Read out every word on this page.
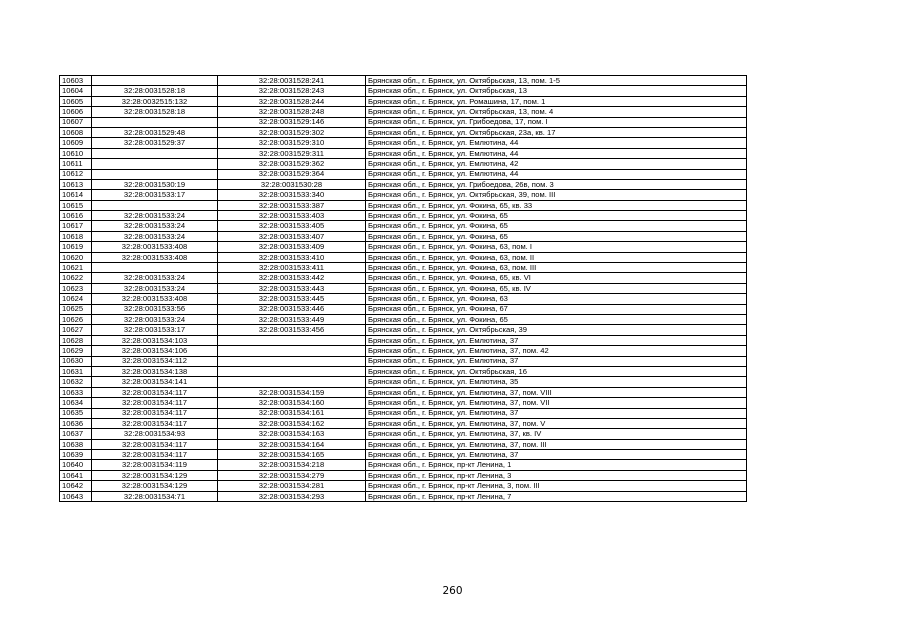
10603		32:28:0031528:241	Брянская обл., г. Брянск, ул. Октябрьская, 13, пом. 1-5
10604	32:28:0031528:18	32:28:0031528:243	Брянская обл., г. Брянск, ул. Октябрьская, 13
10605	32:28:0032515:132	32:28:0031528:244	Брянская обл., г. Брянск, ул. Ромашина, 17, пом. 1
10606	32:28:0031528:18	32:28:0031528:248	Брянская обл., г. Брянск, ул. Октябрьская, 13, пом. 4
10607		32:28:0031529:146	Брянская обл., г. Брянск, ул. Грибоедова, 17, пом. I
10608	32:28:0031529:48	32:28:0031529:302	Брянская обл., г. Брянск, ул. Октябрьская, 23а, кв. 17
10609	32:28:0031529:37	32:28:0031529:310	Брянская обл., г. Брянск, ул. Емлютина, 44
10610		32:28:0031529:311	Брянская обл., г. Брянск, ул. Емлютина, 44
10611		32:28:0031529:362	Брянская обл., г. Брянск, ул. Емлютина, 42
10612		32:28:0031529:364	Брянская обл., г. Брянск, ул. Емлютина, 44
10613	32:28:0031530:19	32:28:0031530:28	Брянская обл., г. Брянск, ул. Грибоедова, 26в, пом. 3
10614	32:28:0031533:17	32:28:0031533:340	Брянская обл., г. Брянск, ул. Октябрьская, 39, пом. III
10615		32:28:0031533:387	Брянская обл., г. Брянск, ул. Фокина, 65, кв. 33
10616	32:28:0031533:24	32:28:0031533:403	Брянская обл., г. Брянск, ул. Фокина, 65
10617	32:28:0031533:24	32:28:0031533:405	Брянская обл., г. Брянск, ул. Фокина, 65
10618	32:28:0031533:24	32:28:0031533:407	Брянская обл., г. Брянск, ул. Фокина, 65
10619	32:28:0031533:408	32:28:0031533:409	Брянская обл., г. Брянск, ул. Фокина, 63, пом. I
10620	32:28:0031533:408	32:28:0031533:410	Брянская обл., г. Брянск, ул. Фокина, 63, пом. II
10621		32:28:0031533:411	Брянская обл., г. Брянск, ул. Фокина, 63, пом. III
10622	32:28:0031533:24	32:28:0031533:442	Брянская обл., г. Брянск, ул. Фокина, 65, кв. VI
10623	32:28:0031533:24	32:28:0031533:443	Брянская обл., г. Брянск, ул. Фокина, 65, кв. IV
10624	32:28:0031533:408	32:28:0031533:445	Брянская обл., г. Брянск, ул. Фокина, 63
10625	32:28:0031533:56	32:28:0031533:446	Брянская обл., г. Брянск, ул. Фокина, 67
10626	32:28:0031533:24	32:28:0031533:449	Брянская обл., г. Брянск, ул. Фокина, 65
10627	32:28:0031533:17	32:28:0031533:456	Брянская обл., г. Брянск, ул. Октябрьская, 39
10628	32:28:0031534:103		Брянская обл., г. Брянск, ул. Емлютина, 37
10629	32:28:0031534:106		Брянская обл., г. Брянск, ул. Емлютина, 37, пом. 42
10630	32:28:0031534:112		Брянская обл., г. Брянск, ул. Емлютина, 37
10631	32:28:0031534:138		Брянская обл., г. Брянск, ул. Октябрьская, 16
10632	32:28:0031534:141		Брянская обл., г. Брянск, ул. Емлютина, 35
10633	32:28:0031534:117	32:28:0031534:159	Брянская обл., г. Брянск, ул. Емлютина, 37, пом. VIII
10634	32:28:0031534:117	32:28:0031534:160	Брянская обл., г. Брянск, ул. Емлютина, 37, пом. VII
10635	32:28:0031534:117	32:28:0031534:161	Брянская обл., г. Брянск, ул. Емлютина, 37
10636	32:28:0031534:117	32:28:0031534:162	Брянская обл., г. Брянск, ул. Емлютина, 37, пом. V
10637	32:28:0031534:93	32:28:0031534:163	Брянская обл., г. Брянск, ул. Емлютина, 37, кв. IV
10638	32:28:0031534:117	32:28:0031534:164	Брянская обл., г. Брянск, ул. Емлютина, 37, пом. III
10639	32:28:0031534:117	32:28:0031534:165	Брянская обл., г. Брянск, ул. Емлютина, 37
10640	32:28:0031534:119	32:28:0031534:218	Брянская обл., г. Брянск, пр-кт Ленина, 1
10641	32:28:0031534:129	32:28:0031534:279	Брянская обл., г. Брянск, пр-кт Ленина, 3
10642	32:28:0031534:129	32:28:0031534:281	Брянская обл., г. Брянск, пр-кт Ленина, 3, пом. III
10643	32:28:0031534:71	32:28:0031534:293	Брянская обл., г. Брянск, пр-кт Ленина, 7
260
